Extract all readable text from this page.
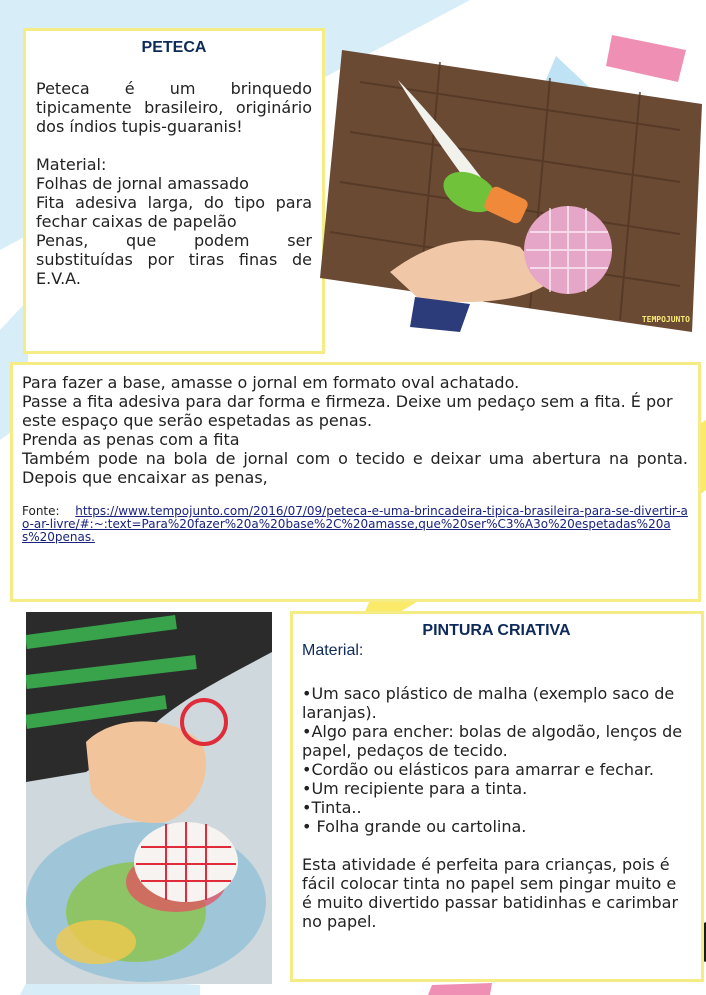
PETECA

Peteca é um brinquedo tipicamente brasileiro, originário dos índios tupis-guaranis!

Material:

Folhas de jornal amassado

Fita adesiva larga, do tipo para fechar caixas de papelão

Penas, que podem ser substituídas por tiras finas de E.V.A.

TEMPOJUNTO

Para fazer a base, amasse o jornal em formato oval achatado.

Passe a fita adesiva para dar forma e firmeza. Deixe um pedaço sem a fita. É por este espaço que serão espetadas as penas.

Prenda as penas com a fita

Também pode na bola de jornal com o tecido e deixar uma abertura na ponta. Depois que encaixar as penas,

Fonte: https://www.tempojunto.com/2016/07/09/peteca-e-uma-brincadeira-tipica-brasileira-para-se-divertir-ao-ar-livre/#:~:text=Para%20fazer%20a%20base%2C%20amasse,que%20ser%C3%A3o%20espetadas%20as%20penas.
PINTURA CRIATIVA
Material:

•Um saco plástico de malha (exemplo saco de laranjas).

•Algo para encher: bolas de algodão, lenços de papel, pedaços de tecido.

•Cordão ou elásticos para amarrar e fechar.

•Um recipiente para a tinta.

•Tinta..

• Folha grande ou cartolina.

Esta atividade é perfeita para crianças, pois é fácil colocar tinta no papel sem pingar muito e é muito divertido passar batidinhas e carimbar no papel.
